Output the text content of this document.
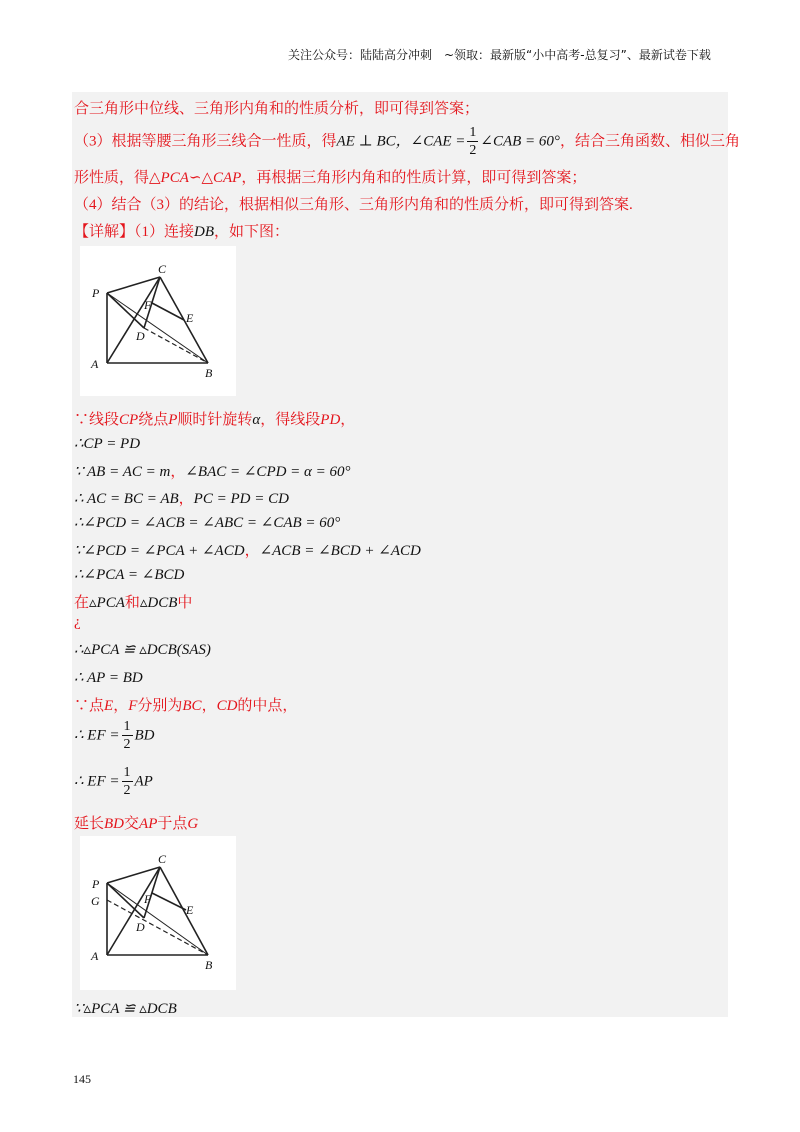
关注公众号：陆陆高分冲刺　~领取：最新版“小中高考-总复习”、最新试卷下载
合三角形中位线、三角形内角和的性质分析，即可得到答案；
（3）根据等腰三角形三线合一性质，得AE ⊥ BC，∠CAE = $\frac{1}{2}$ ∠CAB = 60°，结合三角函数、相似三角
形性质，得△PCA∽△CAP，再根据三角形内角和的性质计算，即可得到答案；
（4）结合（3）的结论，根据相似三角形、三角形内角和的性质分析，即可得到答案.
【详解】（1）连接DB，如下图：
P
C
F
E
D
A
B
∵线段CP绕点P顺时针旋转α，得线段PD，
∴CP = PD
∵ AB = AC = m，∠BAC = ∠CPD = α = 60°
∴ AC = BC = AB，PC = PD = CD
∴∠PCD = ∠ACB = ∠ABC = ∠CAB = 60°
∵∠PCD = ∠PCA + ∠ACD，∠ACB = ∠BCD + ∠ACD
∴∠PCA = ∠BCD
在▵PCA和▵DCB中
¿
∴▵PCA ≌ ▵DCB(SAS)
∴ AP = BD
∵点E，F分别为BC，CD的中点，
∴ EF = $\frac{1}{2}$ BD
∴ EF = $\frac{1}{2}$ AP
延长BD交AP于点G
P
G
C
F
E
D
A
B
∵▵PCA ≌ ▵DCB
145
